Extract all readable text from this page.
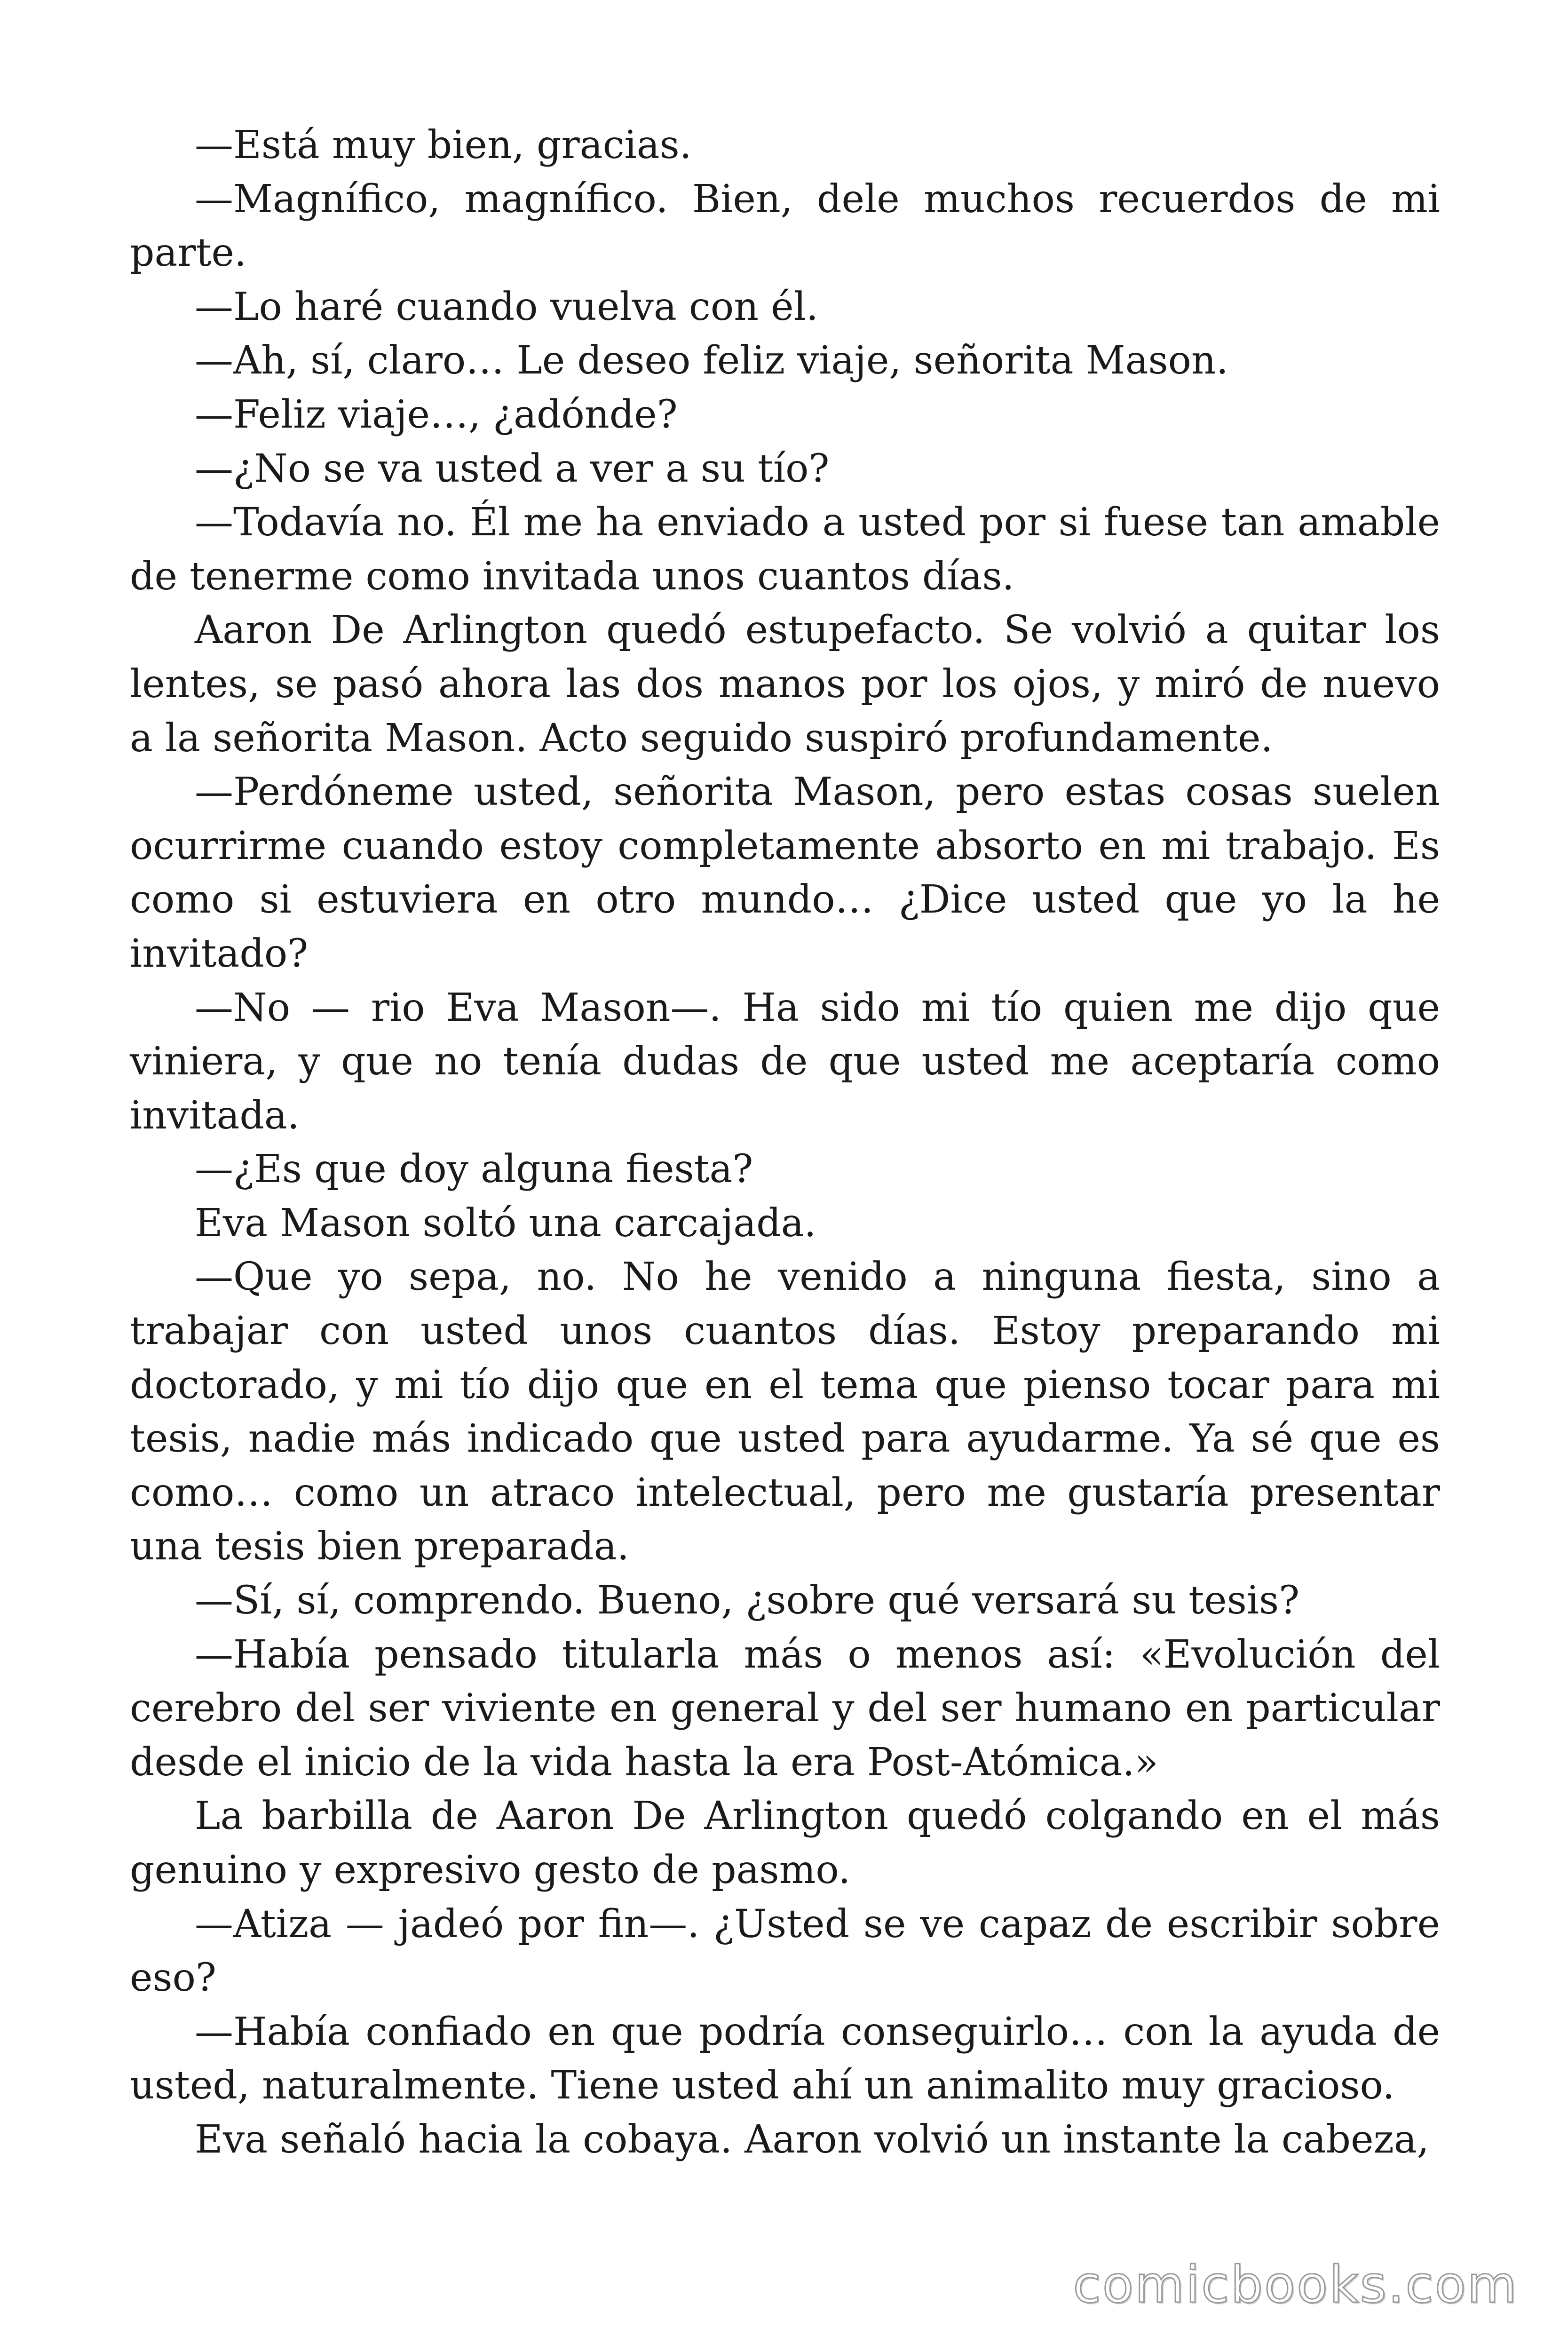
—Está muy bien, gracias.

—Magnífico, magnífico. Bien, dele muchos recuerdos de mi parte.

—Lo haré cuando vuelva con él.

—Ah, sí, claro… Le deseo feliz viaje, señorita Mason.

—Feliz viaje…, ¿adónde?

—¿No se va usted a ver a su tío?

—Todavía no. Él me ha enviado a usted por si fuese tan amable de tenerme como invitada unos cuantos días.

Aaron De Arlington quedó estupefacto. Se volvió a quitar los lentes, se pasó ahora las dos manos por los ojos, y miró de nuevo a la señorita Mason. Acto seguido suspiró profundamente.

—Perdóneme usted, señorita Mason, pero estas cosas suelen ocurrirme cuando estoy completamente absorto en mi trabajo. Es como si estuviera en otro mundo… ¿Dice usted que yo la he invitado?

—No — rio Eva Mason—. Ha sido mi tío quien me dijo que viniera, y que no tenía dudas de que usted me aceptaría como invitada.

—¿Es que doy alguna fiesta?

Eva Mason soltó una carcajada.

—Que yo sepa, no. No he venido a ninguna fiesta, sino a trabajar con usted unos cuantos días. Estoy preparando mi doctorado, y mi tío dijo que en el tema que pienso tocar para mi tesis, nadie más indicado que usted para ayudarme. Ya sé que es como… como un atraco intelectual, pero me gustaría presentar una tesis bien preparada.

—Sí, sí, comprendo. Bueno, ¿sobre qué versará su tesis?

—Había pensado titularla más o menos así: «Evolución del cerebro del ser viviente en general y del ser humano en particular desde el inicio de la vida hasta la era Post-Atómica.»

La barbilla de Aaron De Arlington quedó colgando en el más genuino y expresivo gesto de pasmo.

—Atiza — jadeó por fin—. ¿Usted se ve capaz de escribir sobre eso?

—Había confiado en que podría conseguirlo… con la ayuda de usted, naturalmente. Tiene usted ahí un animalito muy gracioso.

Eva señaló hacia la cobaya. Aaron volvió un instante la cabeza,

comicbooks.com
